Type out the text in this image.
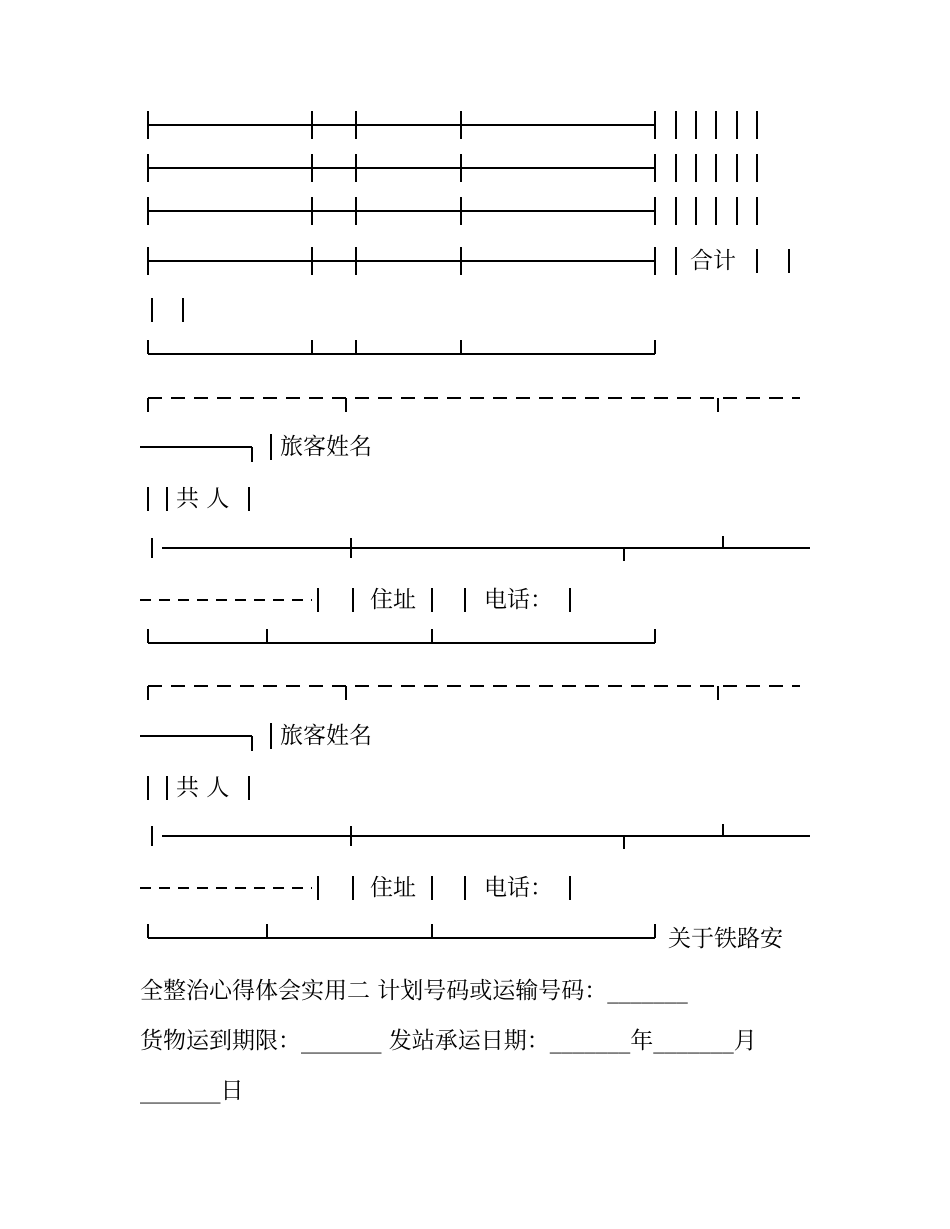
合计
旅客姓名
共 人
住址	电话：
旅客姓名
共 人
住址	电话：
关于铁路安
全整治心得体会实用二 计划号码或运输号码：_______
货物运到期限：_______ 发站承运日期：_______年_______月
_______日
